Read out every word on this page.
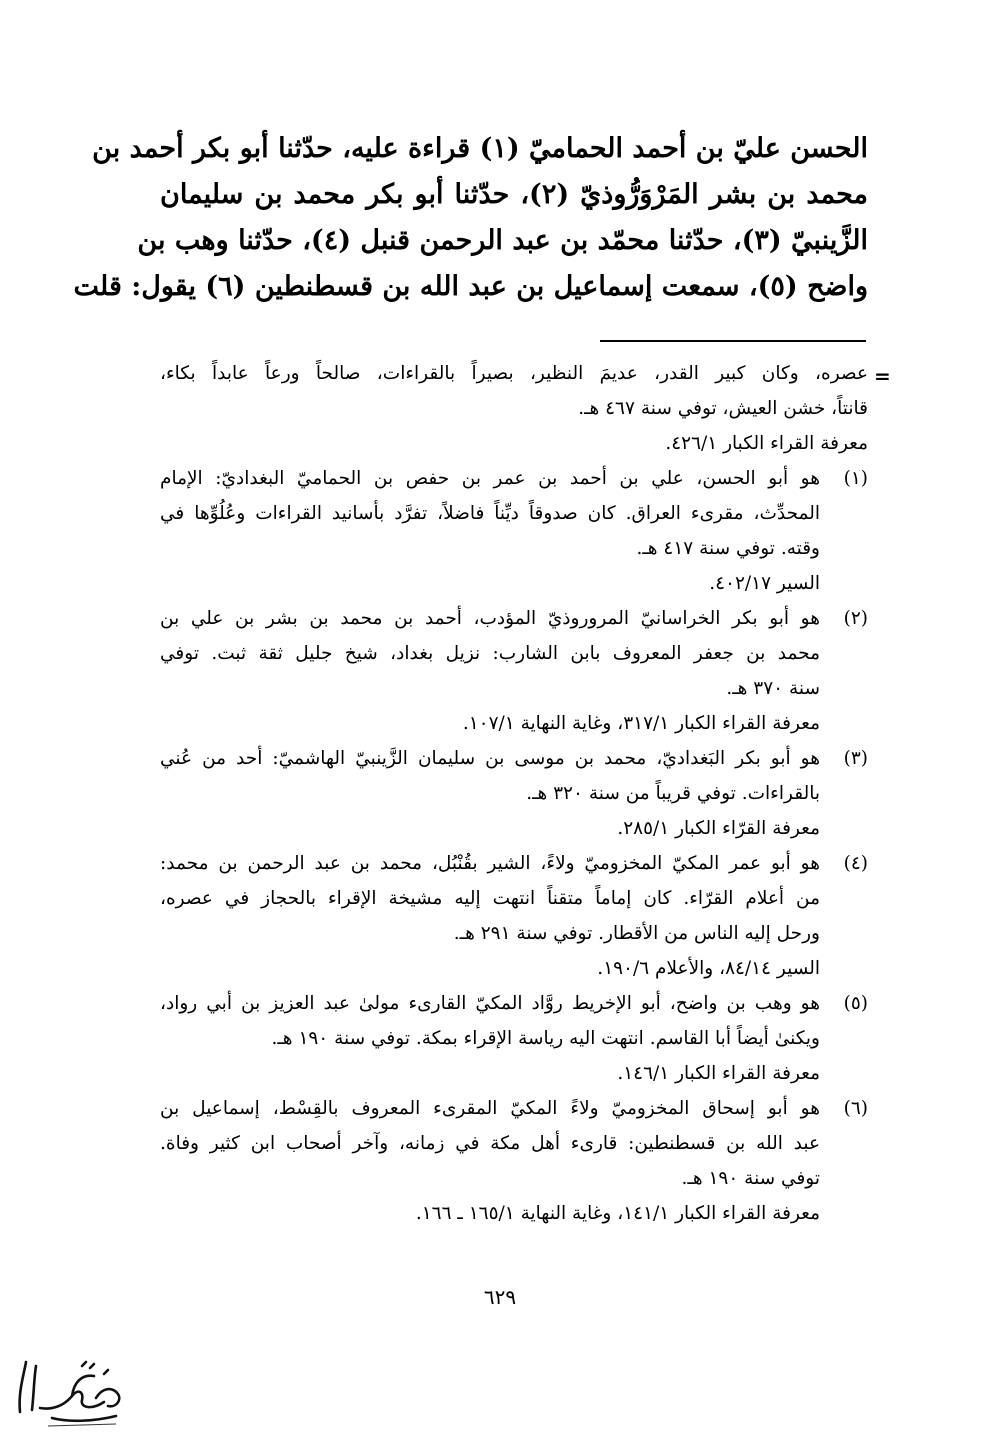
الحسن عليّ بن أحمد الحماميّ (١) قراءة عليه، حدّثنا أبو بكر أحمد بن
محمد بن بشر المَرْوَرُّوذيّ (٢)، حدّثنا أبو بكر محمد بن سليمان
الزَّينبيّ (٣)، حدّثنا محمّد بن عبد الرحمن قنبل (٤)، حدّثنا وهب بن
واضح (٥)، سمعت إسماعيل بن عبد الله بن قسطنطين (٦) يقول: قلت
=
عصره، وكان كبير القدر، عديمَ النظير، بصيراً بالقراءات، صالحاً ورعاً عابداً بكاء،
قانتاً، خشن العيش، توفي سنة ٤٦٧ هـ.
معرفة القراء الكبار ٤٢٦/١.
(١)
هو أبو الحسن، علي بن أحمد بن عمر بن حفص بن الحماميّ البغداديّ: الإمام
المحدِّث، مقرىء العراق. كان صدوقاً ديِّناً فاضلاً، تفرَّد بأسانيد القراءات وعُلُوِّها في
وقته. توفي سنة ٤١٧ هـ.
السير ٤٠٢/١٧.
(٢)
هو أبو بكر الخراسانيّ المروروذيّ المؤدب، أحمد بن محمد بن بشر بن علي بن
محمد بن جعفر المعروف بابن الشارب: نزيل بغداد، شيخ جليل ثقة ثبت. توفي
سنة ٣٧٠ هـ.
معرفة القراء الكبار ٣١٧/١، وغاية النهاية ١٠٧/١.
(٣)
هو أبو بكر البَغداديّ، محمد بن موسى بن سليمان الزَّينبيّ الهاشميّ: أحد من عُني
بالقراءات. توفي قريباً من سنة ٣٢٠ هـ.
معرفة القرّاء الكبار ٢٨٥/١.
(٤)
هو أبو عمر المكيّ المخزوميّ ولاءً، الشير بقُنْبُل، محمد بن عبد الرحمن بن محمد:
من أعلام القرّاء. كان إماماً متقناً انتهت إليه مشيخة الإقراء بالحجاز في عصره،
ورحل إليه الناس من الأقطار. توفي سنة ٢٩١ هـ.
السير ٨٤/١٤، والأعلام ١٩٠/٦.
(٥)
هو وهب بن واضح، أبو الإخريط روَّاد المكيّ القارىء مولىٰ عبد العزيز بن أبي رواد،
ويكنىٰ أيضاً أبا القاسم. انتهت اليه رياسة الإقراء بمكة. توفي سنة ١٩٠ هـ.
معرفة القراء الكبار ١٤٦/١.
(٦)
هو أبو إسحاق المخزوميّ ولاءً المكيّ المقرىء المعروف بالقِسْط، إسماعيل بن
عبد الله بن قسطنطين: قارىء أهل مكة في زمانه، وآخر أصحاب ابن كثير وفاة.
توفي سنة ١٩٠ هـ.
معرفة القراء الكبار ١٤١/١، وغاية النهاية ١٦٥/١ ـ ١٦٦.
٦٢٩
